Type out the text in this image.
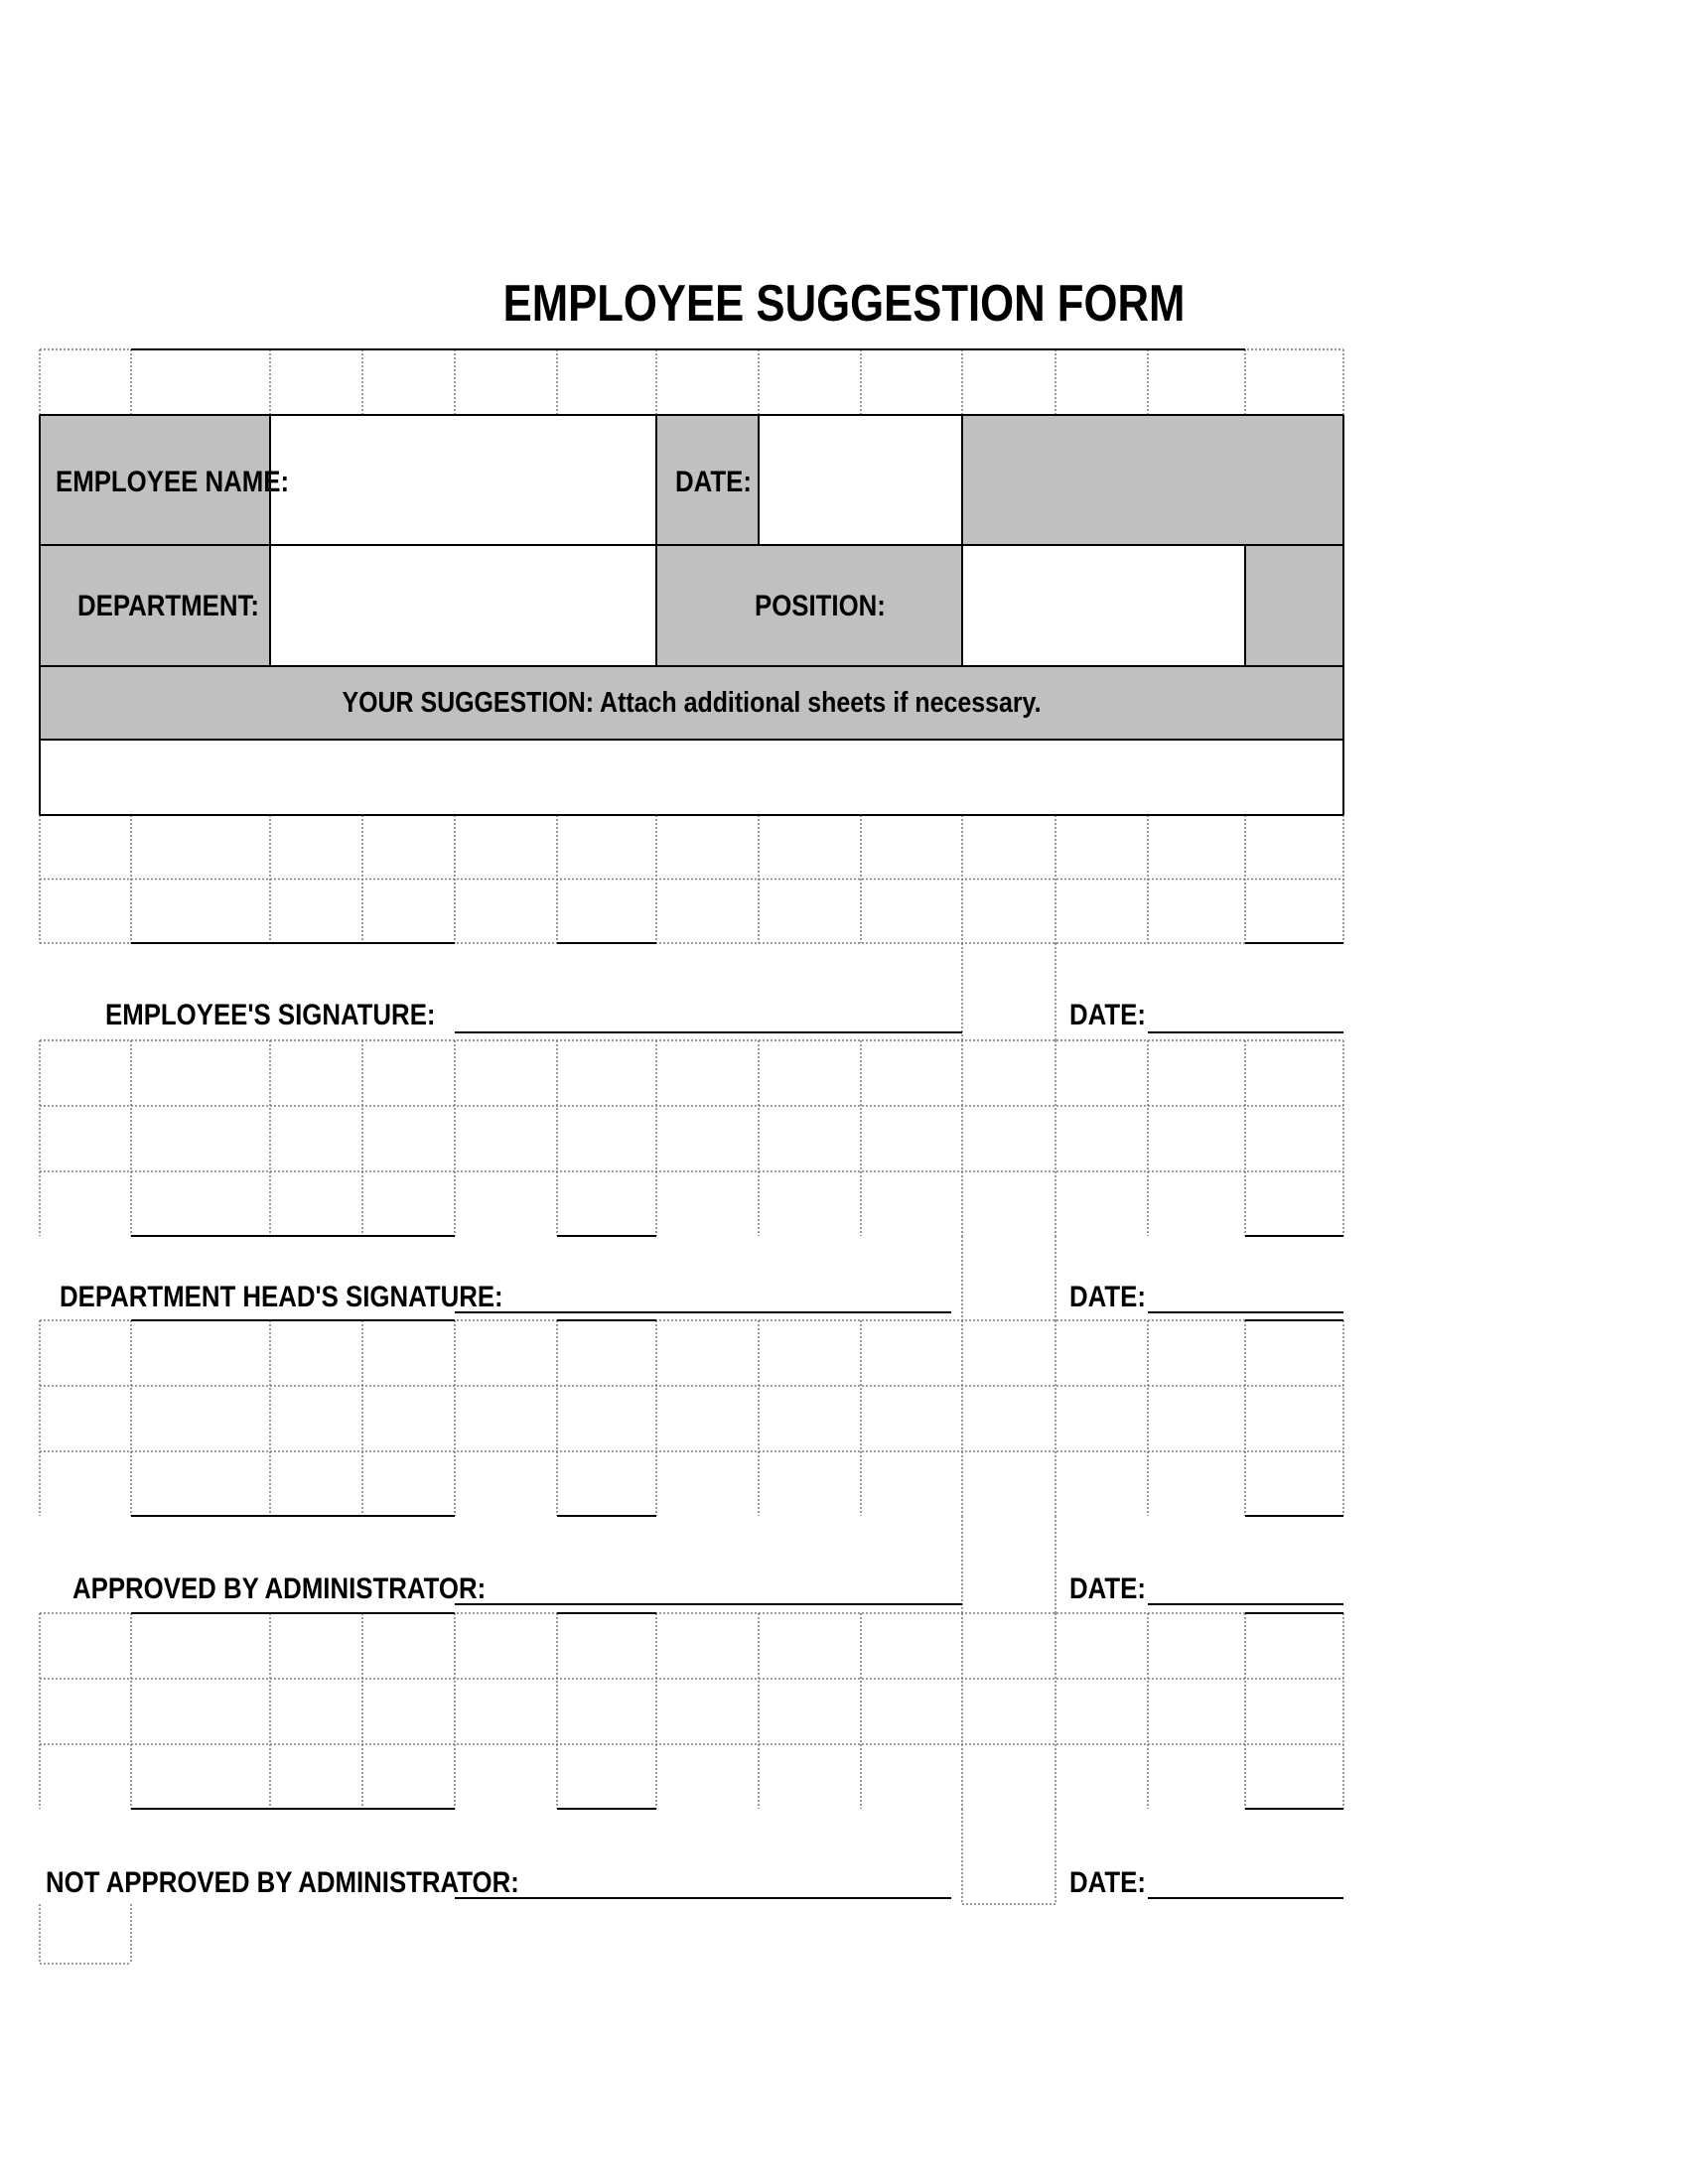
EMPLOYEE SUGGESTION FORM
EMPLOYEE NAME:	DATE:
DEPARTMENT:	POSITION:
YOUR SUGGESTION: Attach additional sheets if necessary.
EMPLOYEE'S SIGNATURE:	DATE:
DEPARTMENT HEAD'S SIGNATURE:	DATE:
APPROVED BY ADMINISTRATOR:	DATE:
NOT APPROVED BY ADMINISTRATOR:	DATE:
